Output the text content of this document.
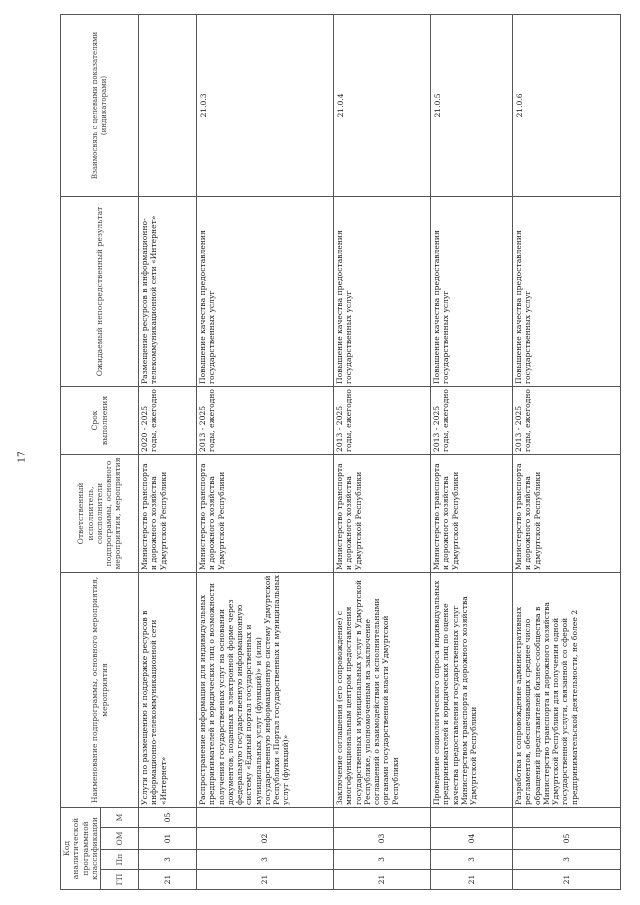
17
Код аналитической программной классификации				Наименование подпрограммы, основного мероприятия, мероприятия	Ответственный исполнитель, соисполнители подпрограммы, основного мероприятия, мероприятия	Срок выполнения	Ожидаемый непосредственный результат	Взаимосвязь с целевыми показателями (индикаторами)
ГП	Пп	ОМ	М					
21	3	01	05	Услуги по размещению и поддержке ресурсов в информационно-телекоммуникационной сети «Интернет»	Министерство транспорта и дорожного хозяйства Удмуртской Республики	2020 - 2025 годы, ежегодно	Размещение ресурсов в информационно-телекоммуникационной сети «Интернет»	
21	3	02		Распространение информации для индивидуальных предпринимателей и юридических лиц о возможности получения государственных услуг на основании документов, поданных в электронной форме через федеральную государственную информационную систему «Единый портал государственных и муниципальных услуг (функций)» и (или) государственную информационную систему Удмуртской Республики «Портал государственных и муниципальных услуг (функций)»	Министерство транспорта и дорожного хозяйства Удмуртской Республики	2013 - 2025 годы, ежегодно	Повышение качества предоставления государственных услуг	21.0.3
21	3	03		Заключение соглашения (его сопровождение) с многофункциональным центром предоставления государственных и муниципальных услуг в Удмуртской Республике, уполномоченным на заключение соглашений о взаимодействии с исполнительными органами государственной власти Удмуртской Республики	Министерство транспорта и дорожного хозяйства Удмуртской Республики	2013 - 2025 годы, ежегодно	Повышение качества предоставления государственных услуг	21.0.4
21	3	04		Проведение социологического опроса индивидуальных предпринимателей и юридических лиц по оценке качества предоставления государственных услуг Министерством транспорта и дорожного хозяйства Удмуртской Республики	Министерство транспорта и дорожного хозяйства Удмуртской Республики	2013 - 2025 годы, ежегодно	Повышение качества предоставления государственных услуг	21.0.5
21	3	05		Разработка и сопровождение административных регламентов, обеспечивающих среднее число обращений представителей бизнес-сообщества в Министерство транспорта и дорожного хозяйства Удмуртской Республики для получения одной государственной услуги, связанной со сферой предпринимательской деятельности, не более 2	Министерство транспорта и дорожного хозяйства Удмуртской Республики	2013 - 2025 годы, ежегодно	Повышение качества предоставления государственных услуг	21.0.6
